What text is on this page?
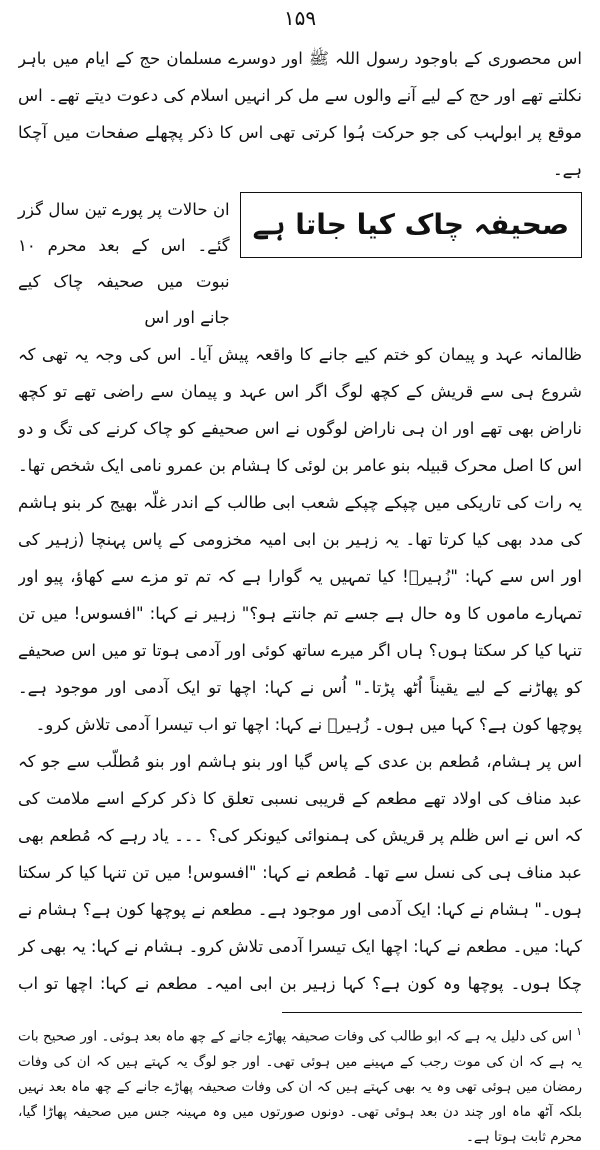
۱۵۹

اس محصوری کے باوجود رسول اللہ ﷺ اور دوسرے مسلمان حج کے ایام میں باہر نکلتے تھے اور حج کے لیے آنے والوں سے مل کر انہیں اسلام کی دعوت دیتے تھے۔ اس موقع پر ابولہب کی جو حرکت ہُوا کرتی تھی اس کا ذکر پچھلے صفحات میں آچکا ہے۔

صحیفہ چاک کیا جاتا ہے
ان حالات پر پورے تین سال گزر گئے۔ اس کے بعد محرم ۱۰ نبوت میں صحیفہ چاک کیے جانے اور اس

ظالمانہ عہد و پیمان کو ختم کیے جانے کا واقعہ پیش آیا۔ اس کی وجہ یہ تھی کہ شروع ہی سے قریش کے کچھ لوگ اگر اس عہد و پیمان سے راضی تھے تو کچھ ناراض بھی تھے اور ان ہی ناراض لوگوں نے اس صحیفے کو چاک کرنے کی تگ و دو

اس کا اصل محرک قبیلہ بنو عامر بن لوئی کا ہشام بن عمرو نامی ایک شخص تھا۔ یہ رات کی تاریکی میں چپکے چپکے شعب ابی طالب کے اندر غلّہ بھیج کر بنو ہاشم کی مدد بھی کیا کرتا تھا۔ یہ زہیر بن ابی امیہ مخزومی کے پاس پہنچا (زہیر کی

اور اس سے کہا: "زُہیرؓ! کیا تمہیں یہ گوارا ہے کہ تم تو مزے سے کھاؤ، پیو اور تمہارے ماموں کا وہ حال ہے جسے تم جانتے ہو؟" زہیر نے کہا: "افسوس! میں تن تنہا کیا کر سکتا ہوں؟ ہاں اگر میرے ساتھ کوئی اور آدمی ہوتا تو میں اس صحیفے کو پھاڑنے کے لیے یقیناً اُٹھ پڑتا۔" اُس نے کہا: اچھا تو ایک آدمی اور موجود ہے۔ پوچھا کون ہے؟ کہا میں ہوں۔ زُہیرؓ نے کہا: اچھا تو اب تیسرا آدمی تلاش کرو۔

اس پر ہشام، مُطعم بن عدی کے پاس گیا اور بنو ہاشم اور بنو مُطلّب سے جو کہ عبد مناف کی اولاد تھے مطعم کے قریبی نسبی تعلق کا ذکر کرکے اسے ملامت کی کہ اس نے اس ظلم پر قریش کی ہمنوائی کیونکر کی؟ ۔۔۔ یاد رہے کہ مُطعم بھی عبد مناف ہی کی نسل سے تھا۔ مُطعم نے کہا: "افسوس! میں تن تنہا کیا کر سکتا ہوں۔" ہشام نے کہا: ایک آدمی اور موجود ہے۔ مطعم نے پوچھا کون ہے؟ ہشام نے کہا: میں۔ مطعم نے کہا: اچھا ایک تیسرا آدمی تلاش کرو۔ ہشام نے کہا: یہ بھی کر چکا ہوں۔ پوچھا وہ کون ہے؟ کہا زہیر بن ابی امیہ۔ مطعم نے کہا: اچھا تو اب

$^۱$اس کی دلیل یہ ہے کہ ابو طالب کی وفات صحیفہ پھاڑے جانے کے چھ ماہ بعد ہوئی۔ اور صحیح بات یہ ہے کہ ان کی موت رجب کے مہینے میں ہوئی تھی۔ اور جو لوگ یہ کہتے ہیں کہ ان کی وفات رمضان میں ہوئی تھی وہ یہ بھی کہتے ہیں کہ ان کی وفات صحیفہ پھاڑے جانے کے چھ ماہ بعد نہیں بلکہ آٹھ ماہ اور چند دن بعد ہوئی تھی۔ دونوں صورتوں میں وہ مہینہ جس میں صحیفہ پھاڑا گیا، محرم ثابت ہوتا ہے۔
